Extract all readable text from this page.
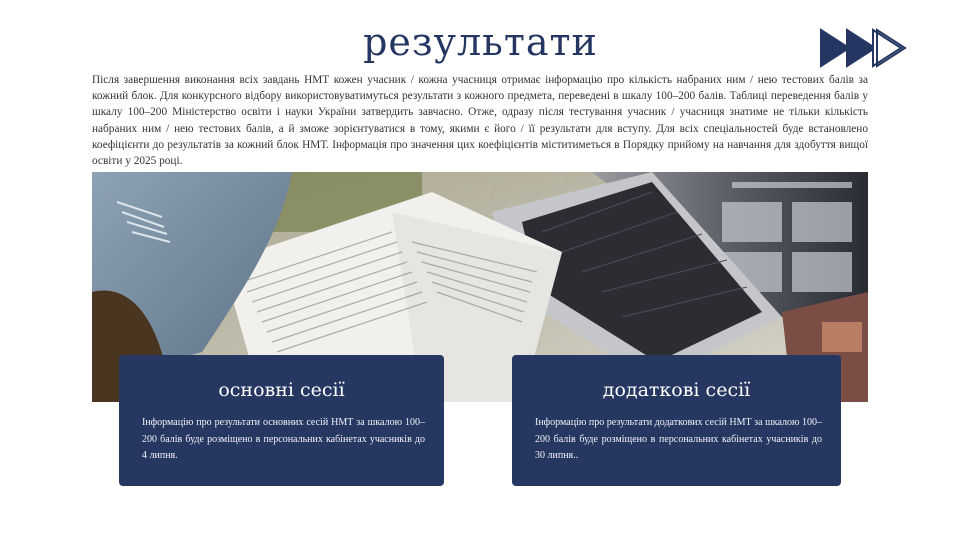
результати
Після завершення виконання всіх завдань НМТ кожен учасник / кожна учасниця отримає інформацію про кількість набраних ним / нею тестових балів за кожний блок. Для конкурсного відбору використовуватимуться результати з кожного предмета, переведені в шкалу 100–200 балів. Таблиці переведення балів у шкалу 100–200 Міністерство освіти і науки України затвердить завчасно. Отже, одразу після тестування учасник / учасниця знатиме не тільки кількість набраних ним / нею тестових балів, а й зможе зорієнтуватися в тому, якими є його / її результати для вступу. Для всіх спеціальностей буде встановлено коефіцієнти до результатів за кожний блок НМТ. Інформація про значення цих коефіцієнтів міститиметься в Порядку прийому на навчання для здобуття вищої освіти у 2025 році.
основні сесії
Інформацію про результати основних сесій НМТ за шкалою 100–200 балів буде розміщено в персональних кабінетах учасників до 4 липня.
додаткові сесії
Інформацію про результати додаткових сесій НМТ за шкалою 100–200 балів буде розміщено в персональних кабінетах учасників до 30 липня..
